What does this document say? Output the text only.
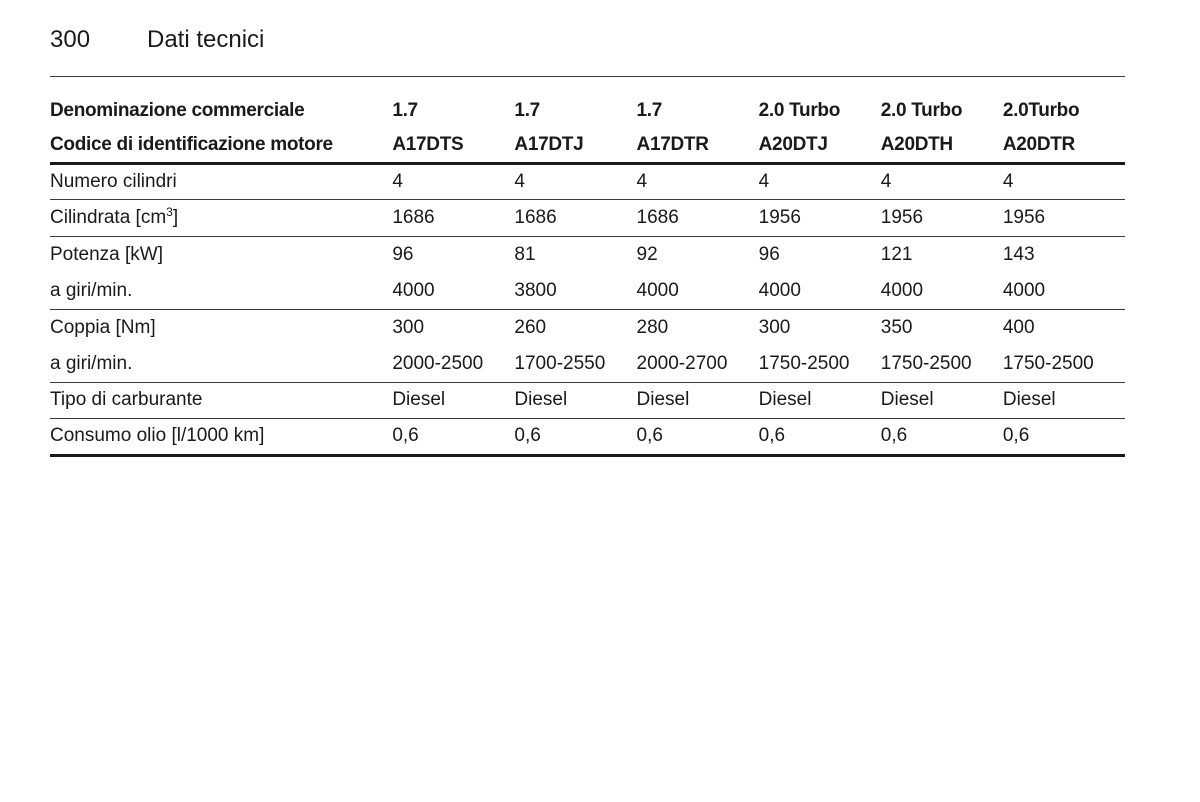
300 Dati tecnici
Denominazione commerciale	1.7	1.7	1.7	2.0 Turbo	2.0 Turbo	2.0Turbo
Codice di identificazione motore	A17DTS	A17DTJ	A17DTR	A20DTJ	A20DTH	A20DTR
Numero cilindri	4	4	4	4	4	4
Cilindrata $[cm^3]$	1686	1686	1686	1956	1956	1956
Potenza [kW]	96	81	92	96	121	143
a giri/min.	4000	3800	4000	4000	4000	4000
Coppia [Nm]	300	260	280	300	350	400
a giri/min.	2000-2500	1700-2550	2000-2700	1750-2500	1750-2500	1750-2500
Tipo di carburante	Diesel	Diesel	Diesel	Diesel	Diesel	Diesel
Consumo olio [l/1000 km]	0,6	0,6	0,6	0,6	0,6	0,6
